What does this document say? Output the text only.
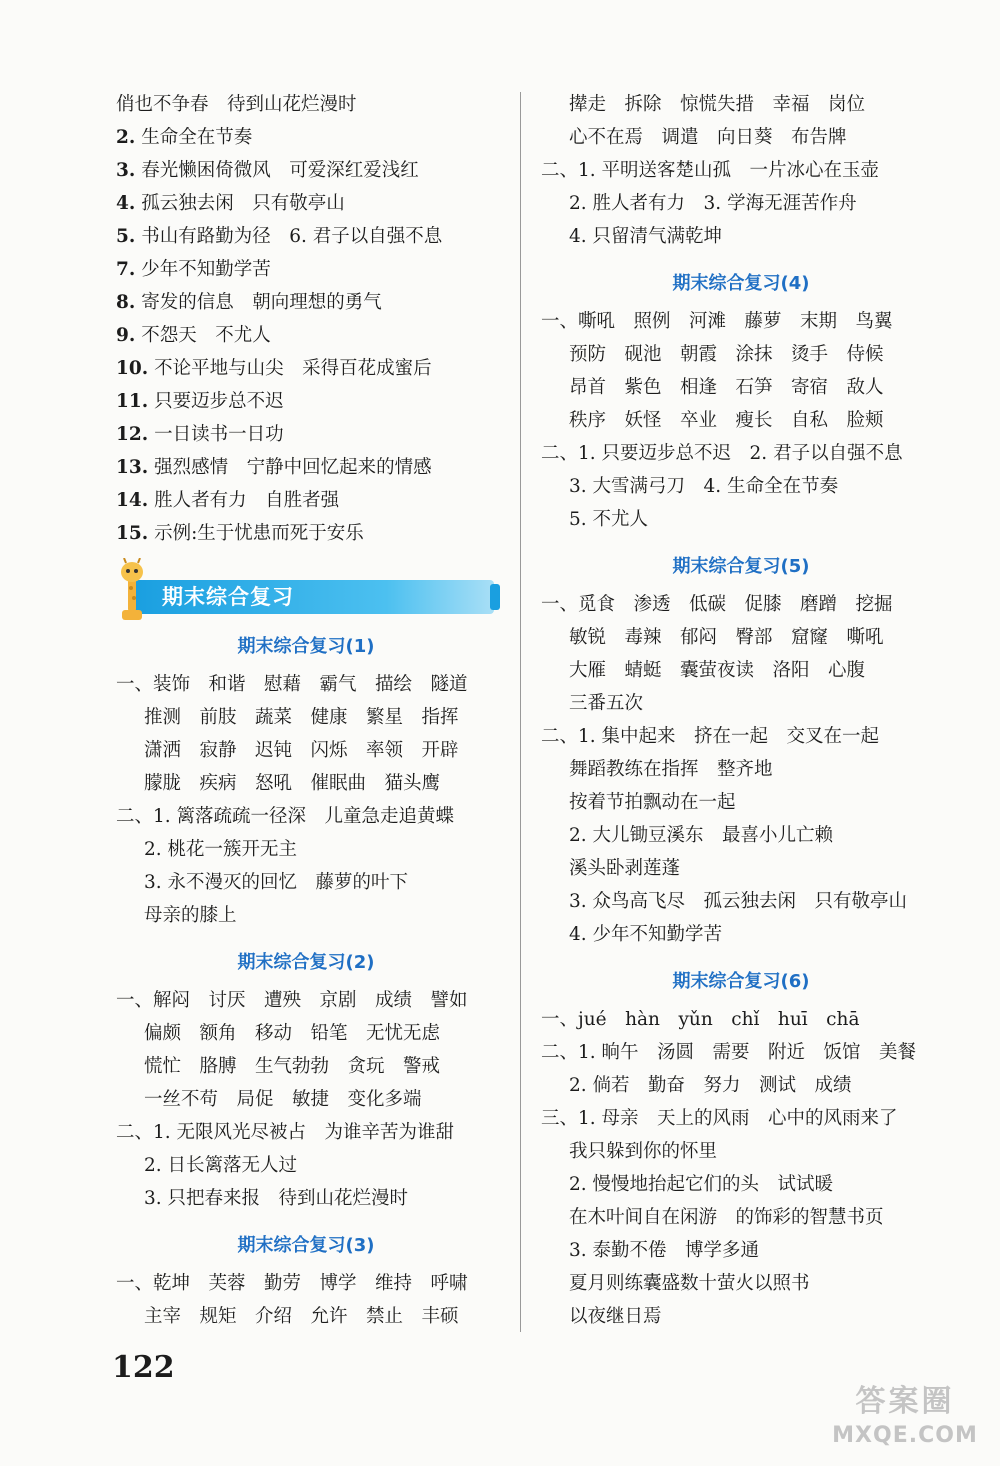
俏也不争春　待到山花烂漫时
2. 生命全在节奏
3. 春光懒困倚微风　可爱深红爱浅红
4. 孤云独去闲　只有敬亭山
5. 书山有路勤为径　6. 君子以自强不息
7. 少年不知勤学苦
8. 寄发的信息　朝向理想的勇气
9. 不怨天　不尤人
10. 不论平地与山尖　采得百花成蜜后
11. 只要迈步总不迟
12. 一日读书一日功
13. 强烈感情　宁静中回忆起来的情感
14. 胜人者有力　自胜者强
15. 示例:生于忧患而死于安乐
期末综合复习
期末综合复习(1)
一、装饰　和谐　慰藉　霸气　描绘　隧道
推测　前肢　蔬菜　健康　繁星　指挥
潇洒　寂静　迟钝　闪烁　率领　开辟
朦胧　疾病　怒吼　催眠曲　猫头鹰
二、1. 篱落疏疏一径深　儿童急走追黄蝶
2. 桃花一簇开无主
3. 永不漫灭的回忆　藤萝的叶下
母亲的膝上
期末综合复习(2)
一、解闷　讨厌　遭殃　京剧　成绩　譬如
偏颇　额角　移动　铅笔　无忧无虑
慌忙　胳膊　生气勃勃　贪玩　警戒
一丝不苟　局促　敏捷　变化多端
二、1. 无限风光尽被占　为谁辛苦为谁甜
2. 日长篱落无人过
3. 只把春来报　待到山花烂漫时
期末综合复习(3)
一、乾坤　芙蓉　勤劳　博学　维持　呼啸
主宰　规矩　介绍　允许　禁止　丰硕
撵走　拆除　惊慌失措　幸福　岗位
心不在焉　调遣　向日葵　布告牌
二、1. 平明送客楚山孤　一片冰心在玉壶
2. 胜人者有力　3. 学海无涯苦作舟
4. 只留清气满乾坤
期末综合复习(4)
一、嘶吼　照例　河滩　藤萝　末期　鸟翼
预防　砚池　朝霞　涂抹　烫手　侍候
昂首　紫色　相逢　石笋　寄宿　敌人
秩序　妖怪　卒业　瘦长　自私　脸颊
二、1. 只要迈步总不迟　2. 君子以自强不息
3. 大雪满弓刀　4. 生命全在节奏
5. 不尤人
期末综合复习(5)
一、觅食　渗透　低碳　促膝　磨蹭　挖掘
敏锐　毒辣　郁闷　臀部　窟窿　嘶吼
大雁　蜻蜓　囊萤夜读　洛阳　心腹
三番五次
二、1. 集中起来　挤在一起　交叉在一起
舞蹈教练在指挥　整齐地
按着节拍飘动在一起
2. 大儿锄豆溪东　最喜小儿亡赖
溪头卧剥莲蓬
3. 众鸟高飞尽　孤云独去闲　只有敬亭山
4. 少年不知勤学苦
期末综合复习(6)
一、jué　hàn　yǔn　chǐ　huī　chā
二、1. 晌午　汤圆　需要　附近　饭馆　美餐
2. 倘若　勤奋　努力　测试　成绩
三、1. 母亲　天上的风雨　心中的风雨来了
我只躲到你的怀里
2. 慢慢地抬起它们的头　试试暖
在木叶间自在闲游　的饰彩的智慧书页
3. 泰勤不倦　博学多通
夏月则练囊盛数十萤火以照书
以夜继日焉
122
答案圈
MXQE.COM
